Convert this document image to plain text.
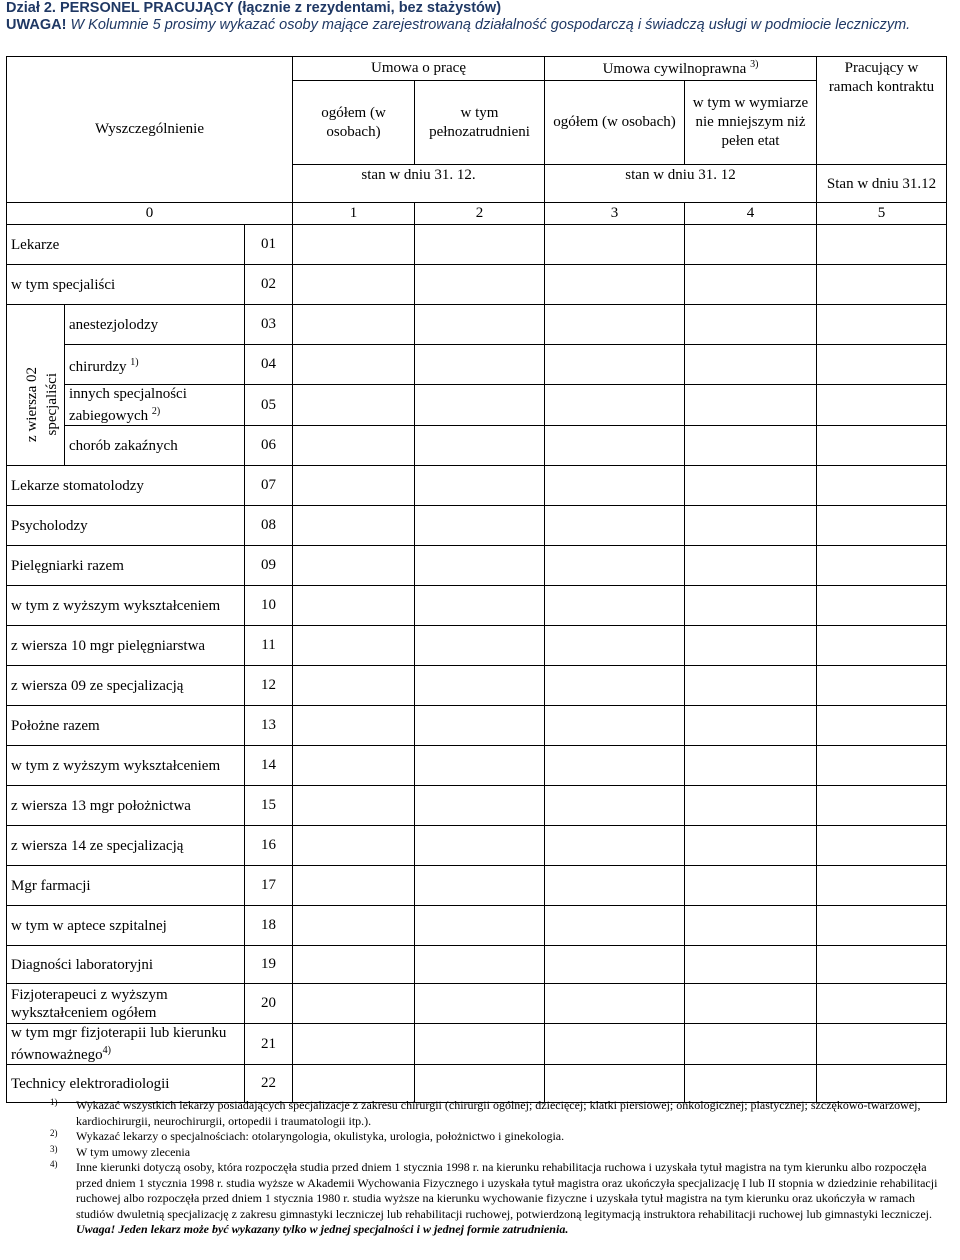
Dział 2. PERSONEL PRACUJĄCY (łącznie z rezydentami, bez stażystów)
UWAGA! W Kolumnie 5 prosimy wykazać osoby mające zarejestrowaną działalność gospodarczą i świadczą usługi w podmiocie leczniczym.
Wyszczególnienie			Umowa o pracę		Umowa cywilnoprawna $^{3)}$		Pracujący w ramach kontraktu
			ogółem (w osobach)	w tym pełnozatrudnieni	ogółem (w osobach)	w tym w wymiarze nie mniejszym niż pełen etat	
			stan w dniu 31. 12.		stan w dniu 31. 12		Stan w dniu 31.12
0			1	2	3	4	5
Lekarze		01					
w tym specjaliści		02					
	anestezjolodzy	03					
	chirurdzy $^{1)}$	04					
	innych specjalności zabiegowych $^{2)}$	05					
	chorób zakaźnych	06					
Lekarze stomatolodzy		07					
Psycholodzy		08					
Pielęgniarki razem		09					
w tym z wyższym wykształceniem		10					
z wiersza 10 mgr pielęgniarstwa		11					
z wiersza 09 ze specjalizacją		12					
Położne razem		13					
w tym z wyższym wykształceniem		14					
z wiersza 13 mgr położnictwa		15					
z wiersza 14 ze specjalizacją		16					
Mgr farmacji		17					
w tym w aptece szpitalnej		18					
Diagności laboratoryjni		19					
Fizjoterapeuci z wyższym wykształceniem ogółem		20					
w tym mgr fizjoterapii lub kierunku równoważnego$^{4)}$		21					
Technicy elektroradiologii		22					
z wiersza 02 specjaliści
1) Wykazać wszystkich lekarzy posiadających specjalizacje z zakresu chirurgii (chirurgii ogólnej; dziecięcej; klatki piersiowej; onkologicznej; plastycznej; szczękowo-twarzowej, kardiochirurgii, neurochirurgii, ortopedii i traumatologii itp.).
2) Wykazać lekarzy o specjalnościach: otolaryngologia, okulistyka, urologia, położnictwo i ginekologia.
3) W tym umowy zlecenia
4) Inne kierunki dotyczą osoby, która rozpoczęła studia przed dniem 1 stycznia 1998 r. na kierunku rehabilitacja ruchowa i uzyskała tytuł magistra na tym kierunku albo rozpoczęła przed dniem 1 stycznia 1998 r. studia wyższe w Akademii Wychowania Fizycznego i uzyskała tytuł magistra oraz ukończyła specjalizację I lub II stopnia w dziedzinie rehabilitacji ruchowej albo rozpoczęła przed dniem 1 stycznia 1980 r. studia wyższe na kierunku wychowanie fizyczne i uzyskała tytuł magistra na tym kierunku oraz ukończyła w ramach studiów dwuletnią specjalizację z zakresu gimnastyki leczniczej lub rehabilitacji ruchowej, potwierdzoną legitymacją instruktora rehabilitacji ruchowej lub gimnastyki leczniczej.
Uwaga! Jeden lekarz może być wykazany tylko w jednej specjalności i w jednej formie zatrudnienia.
